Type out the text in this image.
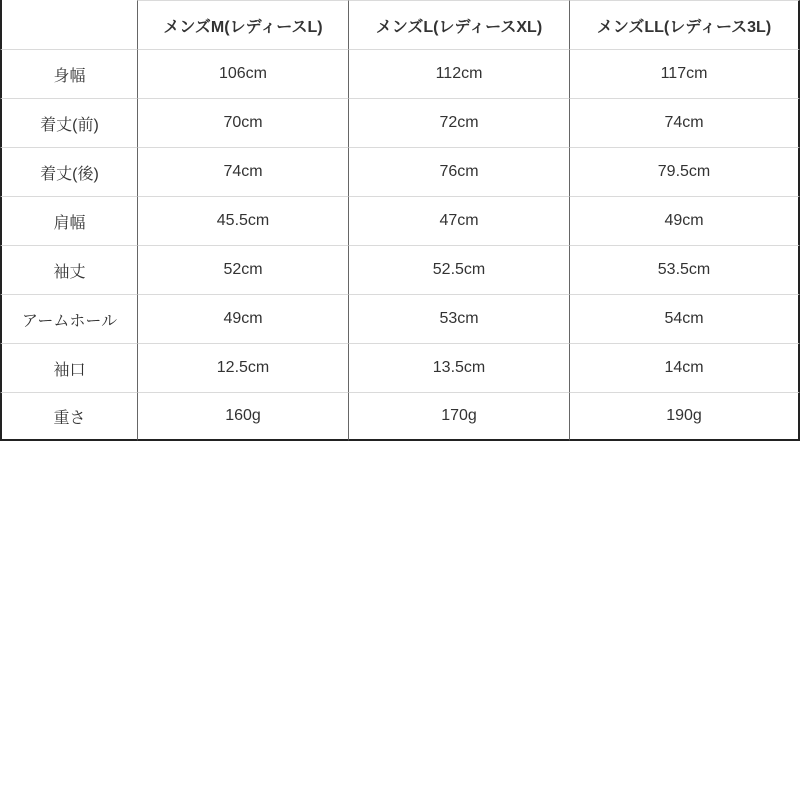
	メンズM(レディースL)	メンズL(レディースXL)	メンズLL(レディース3L)
身幅	106cm	112cm	117cm
着丈(前)	70cm	72cm	74cm
着丈(後)	74cm	76cm	79.5cm
肩幅	45.5cm	47cm	49cm
袖丈	52cm	52.5cm	53.5cm
アームホール	49cm	53cm	54cm
袖口	12.5cm	13.5cm	14cm
重さ	160g	170g	190g
